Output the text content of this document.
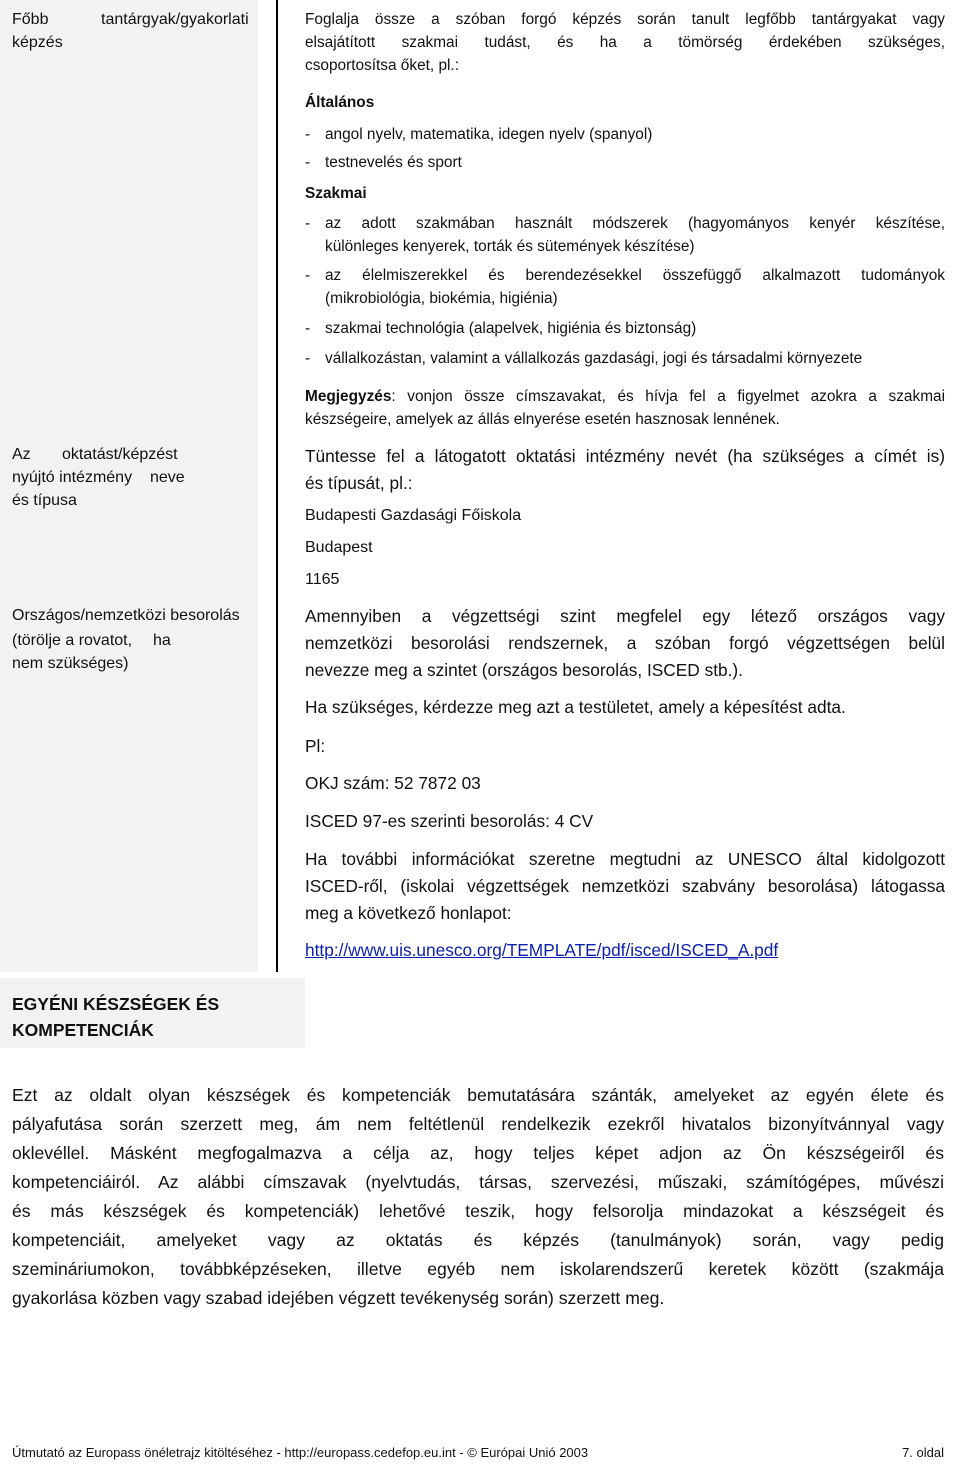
Főbb	tantárgyak/gyakorlati
képzés
Az oktatást/képzést
nyújtó intézmény neve
és típusa
Országos/nemzetközi besorolás
(törölje a rovatot, ha
nem szükséges)
Foglalja össze a szóban forgó képzés során tanult legfőbb tantárgyakat vagy
elsajátított szakmai tudást, és ha a tömörség érdekében szükséges,
csoportosítsa őket, pl.:
Általános
- angol nyelv, matematika, idegen nyelv (spanyol)
- testnevelés és sport
Szakmai
- az adott szakmában használt módszerek (hagyományos kenyér készítése,
különleges kenyerek, torták és sütemények készítése)
- az élelmiszerekkel és berendezésekkel összefüggő alkalmazott tudományok
(mikrobiológia, biokémia, higiénia)
- szakmai technológia (alapelvek, higiénia és biztonság)
- vállalkozástan, valamint a vállalkozás gazdasági, jogi és társadalmi környezete
Megjegyzés: vonjon össze címszavakat, és hívja fel a figyelmet azokra a szakmai
készségeire, amelyek az állás elnyerése esetén hasznosak lennének.
Tüntesse fel a látogatott oktatási intézmény nevét (ha szükséges a címét is)
és típusát, pl.:
Budapesti Gazdasági Főiskola
Budapest
1165
Amennyiben a végzettségi szint megfelel egy létező országos vagy
nemzetközi besorolási rendszernek, a szóban forgó végzettségen belül
nevezze meg a szintet (országos besorolás, ISCED stb.).
Ha szükséges, kérdezze meg azt a testületet, amely a képesítést adta.
Pl:
OKJ szám: 52 7872 03
ISCED 97-es szerinti besorolás: 4 CV
Ha további információkat szeretne megtudni az UNESCO által kidolgozott
ISCED-ről, (iskolai végzettségek nemzetközi szabvány besorolása) látogassa
meg a következő honlapot:
http://www.uis.unesco.org/TEMPLATE/pdf/isced/ISCED_A.pdf
EGYÉNI KÉSZSÉGEK ÉS
KOMPETENCIÁK
Ezt az oldalt olyan készségek és kompetenciák bemutatására szánták, amelyeket az egyén élete és
pályafutása során szerzett meg, ám nem feltétlenül rendelkezik ezekről hivatalos bizonyítvánnyal vagy
oklevéllel. Másként megfogalmazva a célja az, hogy teljes képet adjon az Ön készségeiről és
kompetenciáiról. Az alábbi címszavak (nyelvtudás, társas, szervezési, műszaki, számítógépes, művészi
és más készségek és kompetenciák) lehetővé teszik, hogy felsorolja mindazokat a készségeit és
kompetenciáit, amelyeket vagy az oktatás és képzés (tanulmányok) során, vagy pedig
szemináriumokon, továbbképzéseken, illetve egyéb nem iskolarendszerű keretek között (szakmája
gyakorlása közben vagy szabad idejében végzett tevékenység során) szerzett meg.
Útmutató az Europass önéletrajz kitöltéséhez - http://europass.cedefop.eu.int - © Európai Unió 2003	7. oldal
